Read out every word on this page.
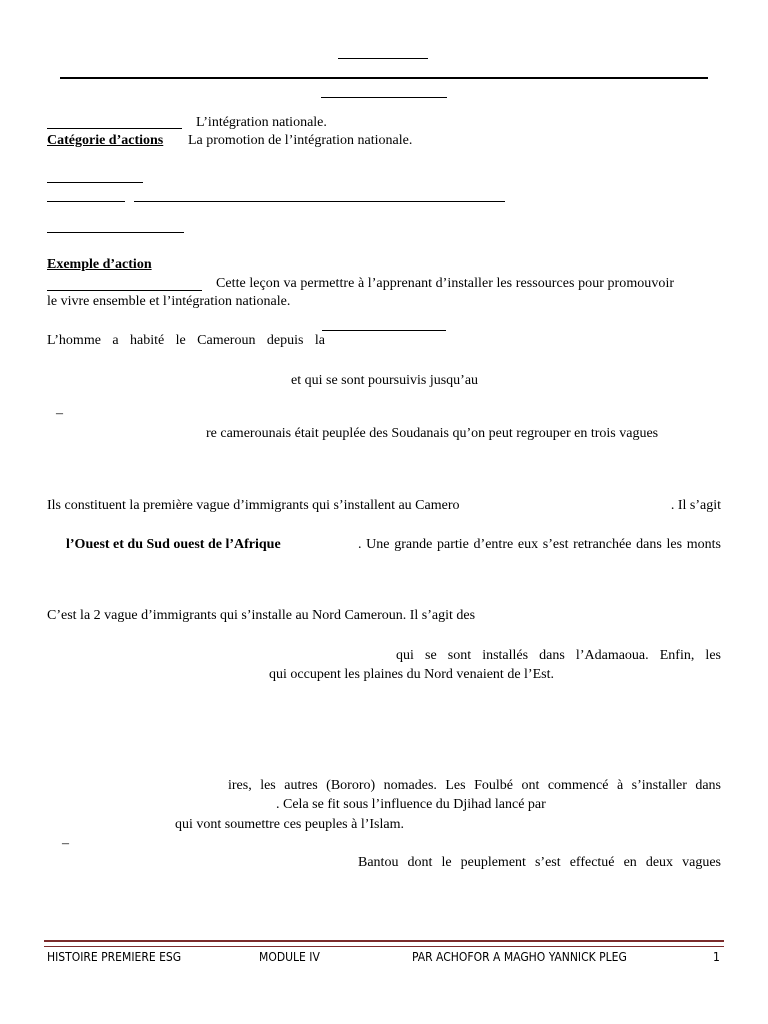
L’intégration nationale.
Catégorie d’actions La promotion de l’intégration nationale.
Exemple d’action
Cette leçon va permettre à l’apprenant d’installer les ressources pour promouvoir
le vivre ensemble et l’intégration nationale.
L’homme a habité le Cameroun depuis la
et qui se sont poursuivis jusqu’au
–
re camerounais était peuplée des Soudanais qu’on peut regrouper en trois vagues
Ils constituent la première vague d’immigrants qui s’installent au Camero	. Il s’agit
l’Ouest et du Sud ouest de l’Afrique	. Une grande partie d’entre eux s’est retranchée dans les monts
C’est la 2 vague d’immigrants qui s’installe au Nord Cameroun. Il s’agit des
qui se sont installés dans l’Adamaoua. Enfin, les
qui occupent les plaines du Nord venaient de l’Est.
ires, les autres (Bororo) nomades. Les Foulbé ont commencé à s’installer dans
. Cela se fit sous l’influence du Djihad lancé par
qui vont soumettre ces peuples à l’Islam.
–
Bantou dont le peuplement s’est effectué en deux vagues
HISTOIRE PREMIERE ESG	MODULE IV	PAR ACHOFOR A MAGHO YANNICK PLEG	1
